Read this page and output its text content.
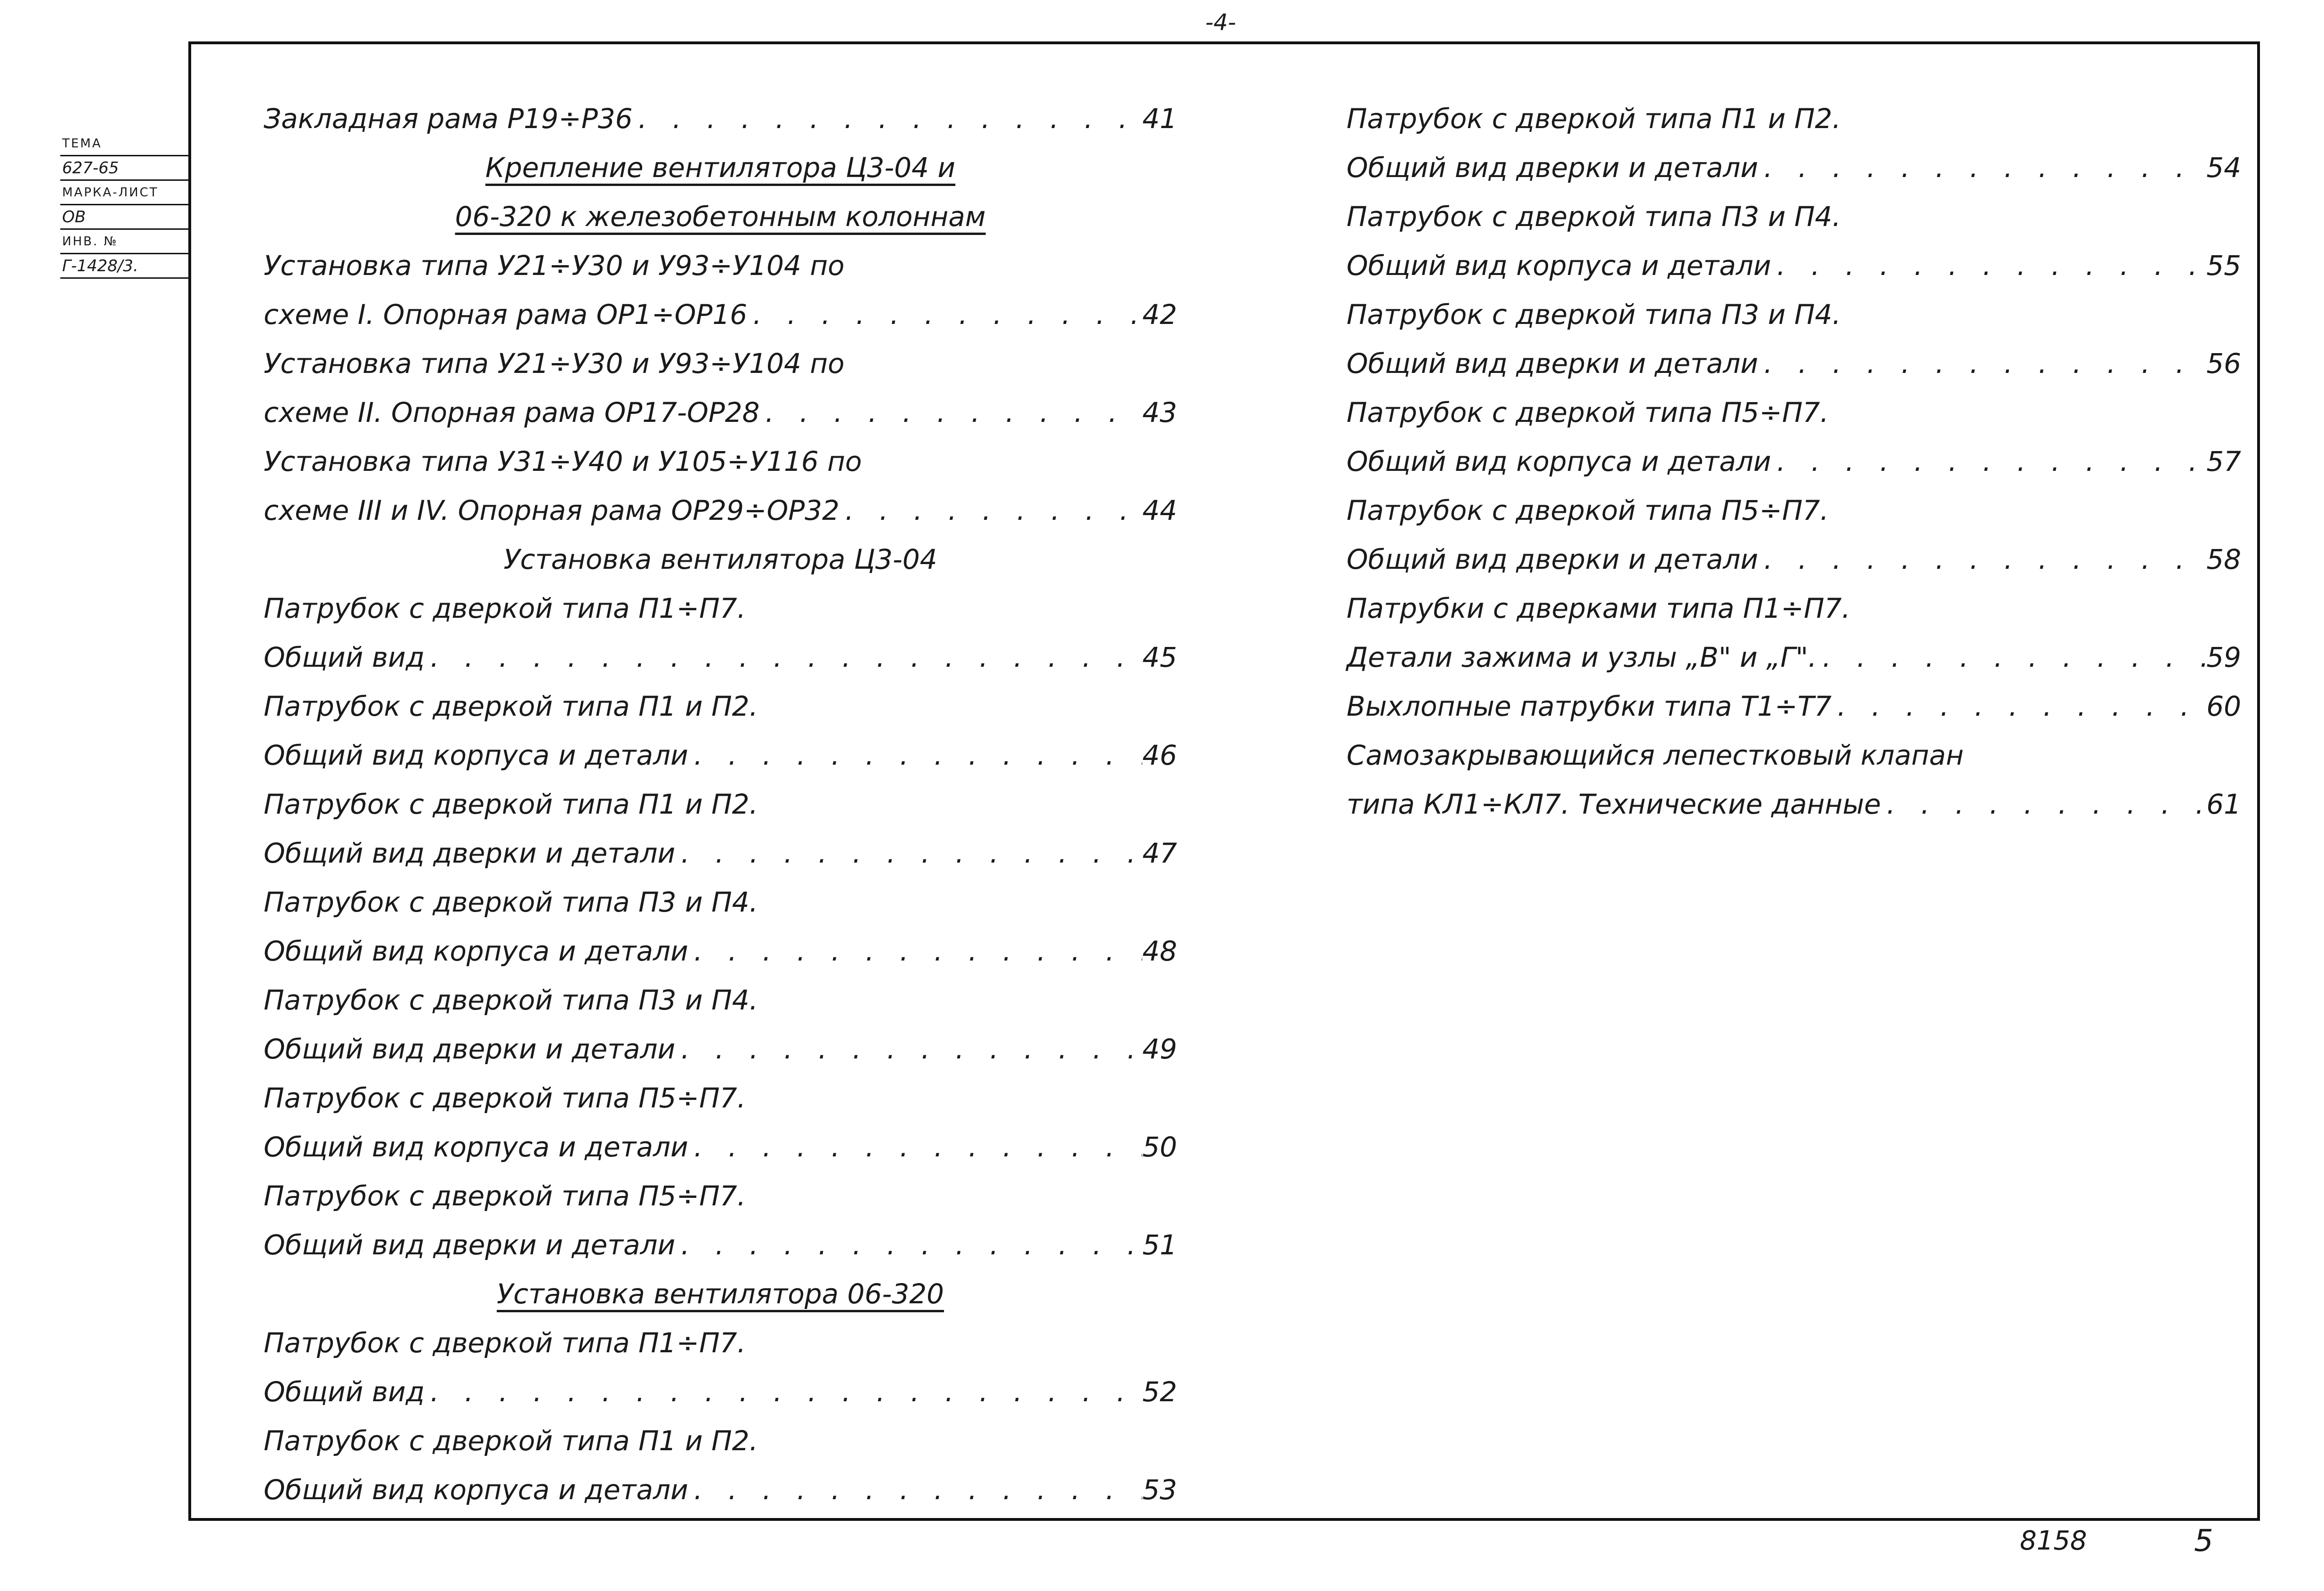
-4-
ТЕМА
627-65
МАРКА-ЛИСТ
ОВ
ИНВ. №
Г-1428/3.
Закладная рама Р19÷Р36 . . .	41
Крепление вентилятора Ц3-04 и
06-320 к железобетонным колоннам
Установка типа У21÷У30 и У93÷У104 по
схеме I. Опорная рама ОР1÷ОР16 . . .	42
Установка типа У21÷У30 и У93÷У104 по
схеме II. Опорная рама ОР17-ОР28 . . .	43
Установка типа У31÷У40 и У105÷У116 по
схеме III и IV. Опорная рама ОР29÷ОР32 . . .	44
Установка вентилятора Ц3-04
Патрубок с дверкой типа П1÷П7.
Общий вид . . .	45
Патрубок с дверкой типа П1 и П2.
Общий вид корпуса и детали . . .	46
Патрубок с дверкой типа П1 и П2.
Общий вид дверки и детали . . .	47
Патрубок с дверкой типа П3 и П4.
Общий вид корпуса и детали . . .	48
Патрубок с дверкой типа П3 и П4.
Общий вид дверки и детали . . .	49
Патрубок с дверкой типа П5÷П7.
Общий вид корпуса и детали . . .	50
Патрубок с дверкой типа П5÷П7.
Общий вид дверки и детали . . .	51
Установка вентилятора 06-320
Патрубок с дверкой типа П1÷П7.
Общий вид . . .	52
Патрубок с дверкой типа П1 и П2.
Общий вид корпуса и детали . . .	53
Патрубок с дверкой типа П1 и П2.
Общий вид дверки и детали . . .	54
Патрубок с дверкой типа П3 и П4.
Общий вид корпуса и детали . . .	55
Патрубок с дверкой типа П3 и П4.
Общий вид дверки и детали . . .	56
Патрубок с дверкой типа П5÷П7.
Общий вид корпуса и детали . . .	57
Патрубок с дверкой типа П5÷П7.
Общий вид дверки и детали . . .	58
Патрубки с дверками типа П1÷П7.
Детали зажима и узлы „В" и „Г". . . .	59
Выхлопные патрубки типа Т1÷Т7 . . .	60
Самозакрывающийся лепестковый клапан
типа КЛ1÷КЛ7. Технические данные . . .	61
8158	5
